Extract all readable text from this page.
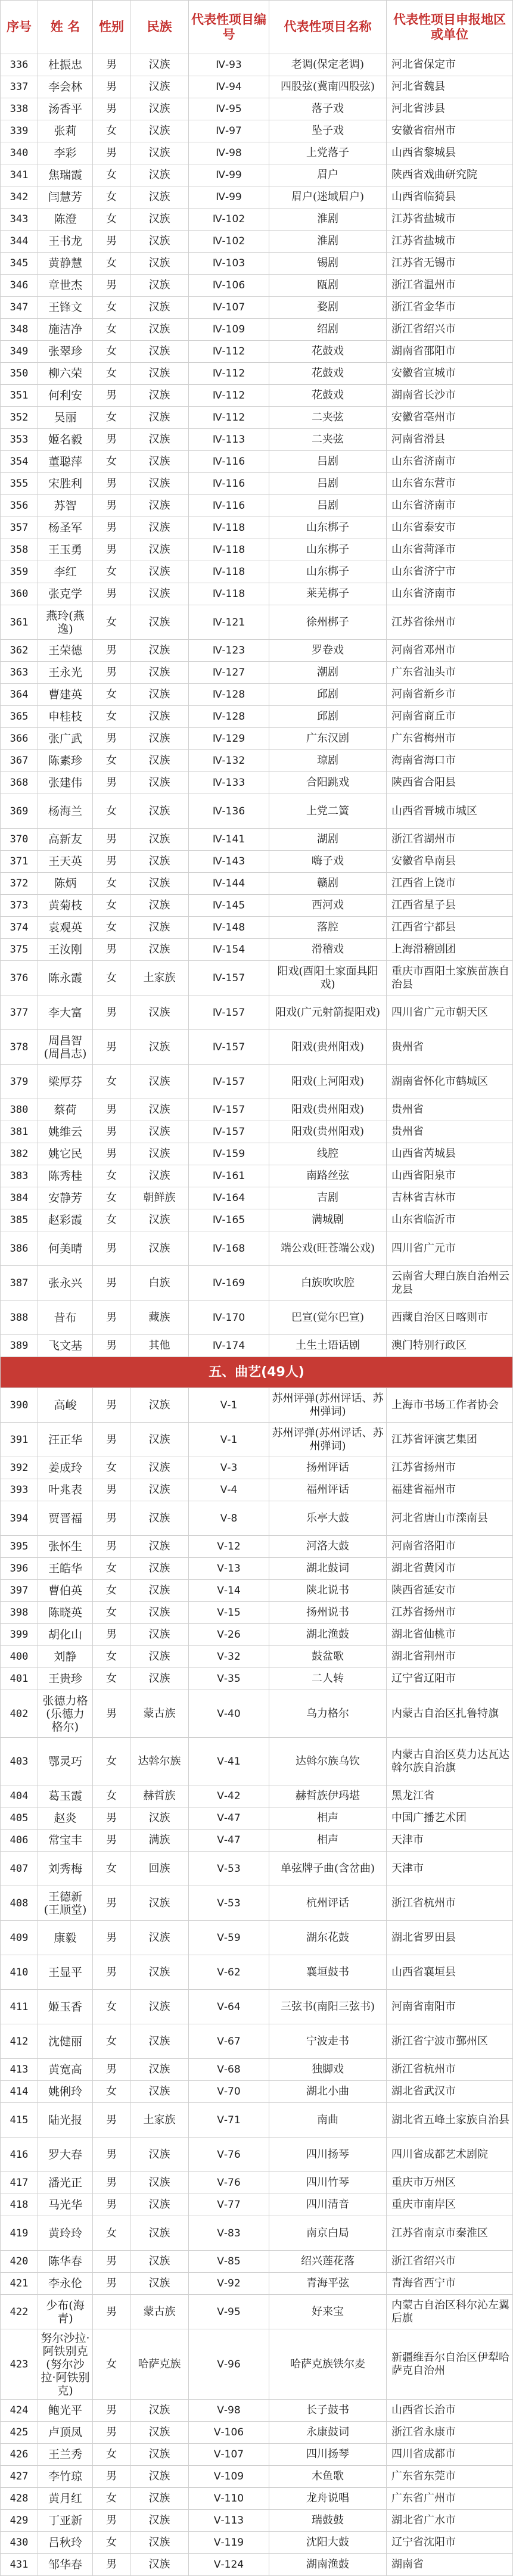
序号	姓 名	性别	民族	代表性项目编号	代表性项目名称	代表性项目申报地区或单位
336	杜振忠	男	汉族	Ⅳ-93	老调(保定老调)	河北省保定市
337	李会林	男	汉族	Ⅳ-94	四股弦(冀南四股弦)	河北省魏县
338	汤香平	男	汉族	Ⅳ-95	落子戏	河北省涉县
339	张莉	女	汉族	Ⅳ-97	坠子戏	安徽省宿州市
340	李彩	男	汉族	Ⅳ-98	上党落子	山西省黎城县
341	焦瑞霞	女	汉族	Ⅳ-99	眉户	陕西省戏曲研究院
342	闫慧芳	女	汉族	Ⅳ-99	眉户(迷域眉户)	山西省临猗县
343	陈澄	女	汉族	Ⅳ-102	淮剧	江苏省盐城市
344	王书龙	男	汉族	Ⅳ-102	淮剧	江苏省盐城市
345	黄静慧	女	汉族	Ⅳ-103	锡剧	江苏省无锡市
346	章世杰	男	汉族	Ⅳ-106	瓯剧	浙江省温州市
347	王锋文	女	汉族	Ⅳ-107	婺剧	浙江省金华市
348	施洁净	女	汉族	Ⅳ-109	绍剧	浙江省绍兴市
349	张翠珍	女	汉族	Ⅳ-112	花鼓戏	湖南省邵阳市
350	柳六荣	女	汉族	Ⅳ-112	花鼓戏	安徽省宣城市
351	何利安	男	汉族	Ⅳ-112	花鼓戏	湖南省长沙市
352	吴丽	女	汉族	Ⅳ-112	二夹弦	安徽省亳州市
353	姬名毅	男	汉族	Ⅳ-113	二夹弦	河南省滑县
354	董聪萍	女	汉族	Ⅳ-116	吕剧	山东省济南市
355	宋胜利	男	汉族	Ⅳ-116	吕剧	山东省东营市
356	苏智	男	汉族	Ⅳ-116	吕剧	山东省济南市
357	杨圣军	男	汉族	Ⅳ-118	山东梆子	山东省泰安市
358	王玉勇	男	汉族	Ⅳ-118	山东梆子	山东省菏泽市
359	李红	女	汉族	Ⅳ-118	山东梆子	山东省济宁市
360	张克学	男	汉族	Ⅳ-118	莱芜梆子	山东省济南市
361	燕玲(燕逸)	女	汉族	Ⅳ-121	徐州梆子	江苏省徐州市
362	王荣德	男	汉族	Ⅳ-123	罗卷戏	河南省邓州市
363	王永光	男	汉族	Ⅳ-127	潮剧	广东省汕头市
364	曹建英	女	汉族	Ⅳ-128	邱剧	河南省新乡市
365	申桂枝	女	汉族	Ⅳ-128	邱剧	河南省商丘市
366	张广武	男	汉族	Ⅳ-129	广东汉剧	广东省梅州市
367	陈素珍	女	汉族	Ⅳ-132	琼剧	海南省海口市
368	张建伟	男	汉族	Ⅳ-133	合阳跳戏	陕西省合阳县
369	杨海兰	女	汉族	Ⅳ-136	上党二簧	山西省晋城市城区
370	高新友	男	汉族	Ⅳ-141	湖剧	浙江省湖州市
371	王天英	男	汉族	Ⅳ-143	嗨子戏	安徽省阜南县
372	陈炳	女	汉族	Ⅳ-144	赣剧	江西省上饶市
373	黄菊枝	女	汉族	Ⅳ-145	西河戏	江西省星子县
374	袁观英	女	汉族	Ⅳ-148	落腔	江西省宁都县
375	王汝刚	男	汉族	Ⅳ-154	滑稽戏	上海滑稽剧团
376	陈永霞	女	土家族	Ⅳ-157	阳戏(酉阳土家面具阳戏)	重庆市酉阳土家族苗族自治县
377	李大富	男	汉族	Ⅳ-157	阳戏(广元射箭提阳戏)	四川省广元市朝天区
378	周昌智(周昌志)	男	汉族	Ⅳ-157	阳戏(贵州阳戏)	贵州省
379	梁厚芬	女	汉族	Ⅳ-157	阳戏(上河阳戏)	湖南省怀化市鹤城区
380	蔡荷	男	汉族	Ⅳ-157	阳戏(贵州阳戏)	贵州省
381	姚维云	男	汉族	Ⅳ-157	阳戏(贵州阳戏)	贵州省
382	姚它民	男	汉族	Ⅳ-159	线腔	山西省芮城县
383	陈秀桂	女	汉族	Ⅳ-161	南路丝弦	山西省阳泉市
384	安静芳	女	朝鲜族	Ⅳ-164	吉剧	吉林省吉林市
385	赵彩霞	女	汉族	Ⅳ-165	满城剧	山东省临沂市
386	何美晴	男	汉族	Ⅳ-168	端公戏(旺苍端公戏)	四川省广元市
387	张永兴	男	白族	Ⅳ-169	白族吹吹腔	云南省大理白族自治州云龙县
388	昔布	男	藏族	Ⅳ-170	巴宣(觉尔巴宣)	西藏自治区日喀则市
389	飞文基	男	其他	Ⅳ-174	土生土语话剧	澳门特别行政区
五、曲艺(49人)						
390	高峻	男	汉族	Ⅴ-1	苏州评弹(苏州评话、苏州弹词)	上海市书场工作者协会
391	汪正华	男	汉族	Ⅴ-1	苏州评弹(苏州评话、苏州弹词)	江苏省评演艺集团
392	姜成玲	女	汉族	Ⅴ-3	扬州评话	江苏省扬州市
393	叶兆表	男	汉族	Ⅴ-4	福州评话	福建省福州市
394	贾晋福	男	汉族	Ⅴ-8	乐亭大鼓	河北省唐山市滦南县
395	张怀生	男	汉族	Ⅴ-12	河洛大鼓	河南省洛阳市
396	王皓华	女	汉族	Ⅴ-13	湖北鼓词	湖北省黄冈市
397	曹伯英	女	汉族	Ⅴ-14	陕北说书	陕西省延安市
398	陈晓英	女	汉族	Ⅴ-15	扬州说书	江苏省扬州市
399	胡化山	男	汉族	Ⅴ-26	湖北渔鼓	湖北省仙桃市
400	刘静	女	汉族	Ⅴ-32	鼓盆歌	湖北省荆州市
401	王贵珍	女	汉族	Ⅴ-35	二人转	辽宁省辽阳市
402	张德力格(乐德力格尔)	男	蒙古族	Ⅴ-40	乌力格尔	内蒙古自治区扎鲁特旗
403	鄂灵巧	女	达斡尔族	Ⅴ-41	达斡尔族乌钦	内蒙古自治区莫力达瓦达斡尔族自治旗
404	葛玉霞	女	赫哲族	Ⅴ-42	赫哲族伊玛堪	黑龙江省
405	赵炎	男	汉族	Ⅴ-47	相声	中国广播艺术团
406	常宝丰	男	满族	Ⅴ-47	相声	天津市
407	刘秀梅	女	回族	Ⅴ-53	单弦牌子曲(含岔曲)	天津市
408	王德新(王顺堂)	男	汉族	Ⅴ-53	杭州评话	浙江省杭州市
409	康毅	男	汉族	Ⅴ-59	湖东花鼓	湖北省罗田县
410	王显平	男	汉族	Ⅴ-62	襄垣鼓书	山西省襄垣县
411	姬玉香	女	汉族	Ⅴ-64	三弦书(南阳三弦书)	河南省南阳市
412	沈健丽	女	汉族	Ⅴ-67	宁波走书	浙江省宁波市鄞州区
413	黄宽高	男	汉族	Ⅴ-68	独脚戏	浙江省杭州市
414	姚俐玲	女	汉族	Ⅴ-70	湖北小曲	湖北省武汉市
415	陆光报	男	土家族	Ⅴ-71	南曲	湖北省五峰土家族自治县
416	罗大春	男	汉族	Ⅴ-76	四川扬琴	四川省成都艺术剧院
417	潘光正	男	汉族	Ⅴ-76	四川竹琴	重庆市万州区
418	马光华	男	汉族	Ⅴ-77	四川清音	重庆市南岸区
419	黄玲玲	女	汉族	Ⅴ-83	南京白局	江苏省南京市秦淮区
420	陈华春	男	汉族	Ⅴ-85	绍兴莲花落	浙江省绍兴市
421	李永伦	男	汉族	Ⅴ-92	青海平弦	青海省西宁市
422	少布(海青)	男	蒙古族	Ⅴ-95	好来宝	内蒙古自治区科尔沁左翼后旗
423	努尔沙拉·阿铁别克(努尔沙拉·阿铁别克)	女	哈萨克族	Ⅴ-96	哈萨克族铁尔麦	新疆维吾尔自治区伊犁哈萨克自治州
424	鲍光平	男	汉族	Ⅴ-98	长子鼓书	山西省长治市
425	卢顶凤	男	汉族	Ⅴ-106	永康鼓词	浙江省永康市
426	王兰秀	女	汉族	Ⅴ-107	四川扬琴	四川省成都市
427	李竹琼	男	汉族	Ⅴ-109	木鱼歌	广东省东莞市
428	黄月红	女	汉族	Ⅴ-110	龙舟说唱	广东省广州市
429	丁亚新	男	汉族	Ⅴ-113	瑞鼓鼓	湖北省广水市
430	吕秋玲	女	汉族	Ⅴ-119	沈阳大鼓	辽宁省沈阳市
431	邹华春	男	汉族	Ⅴ-124	湖南渔鼓	湖南省
